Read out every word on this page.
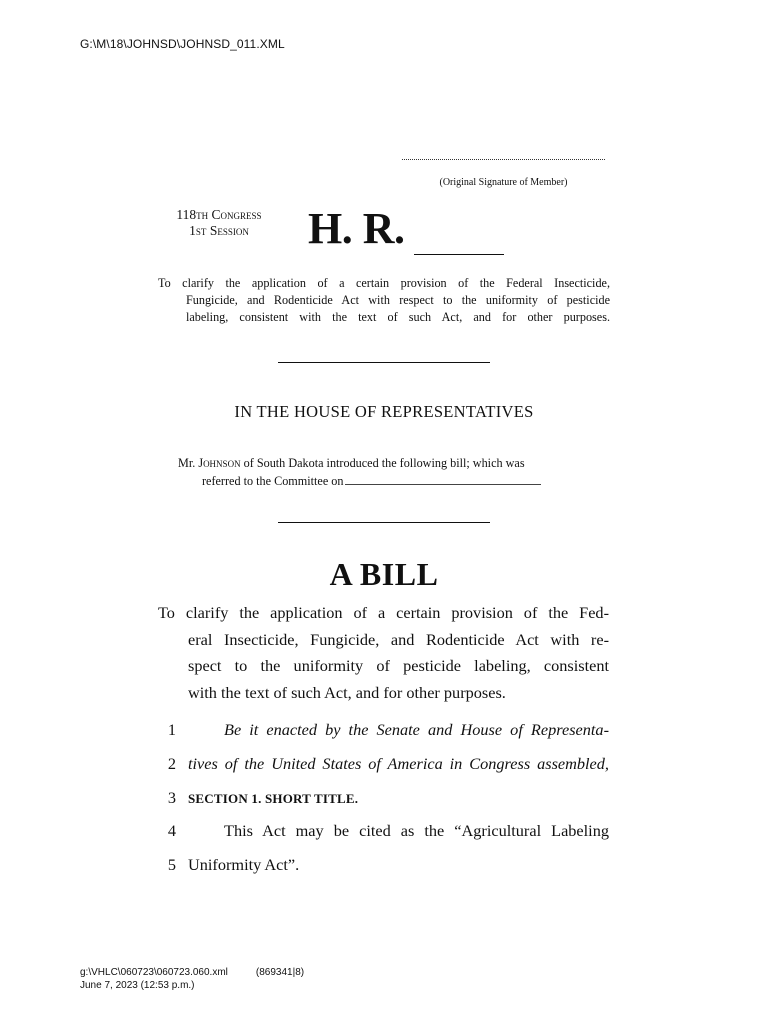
G:\M\18\JOHNSD\JOHNSD_011.XML
(Original Signature of Member)
118th Congress
1st Session	H. R.
To clarify the application of a certain provision of the Federal Insecticide,
Fungicide, and Rodenticide Act with respect to the uniformity of pesticide
labeling, consistent with the text of such Act, and for other purposes.
IN THE HOUSE OF REPRESENTATIVES
Mr. Johnson of South Dakota introduced the following bill; which was
referred to the Committee on
A BILL
To clarify the application of a certain provision of the Fed-
eral Insecticide, Fungicide, and Rodenticide Act with re-
spect to the uniformity of pesticide labeling, consistent
with the text of such Act, and for other purposes.
1	Be it enacted by the Senate and House of Representa-
2 tives of the United States of America in Congress assembled,
3 SECTION 1. SHORT TITLE.
4	This Act may be cited as the “Agricultural Labeling
5 Uniformity Act”.
g:\VHLC\060723\060723.060.xml	(869341|8)
June 7, 2023 (12:53 p.m.)
